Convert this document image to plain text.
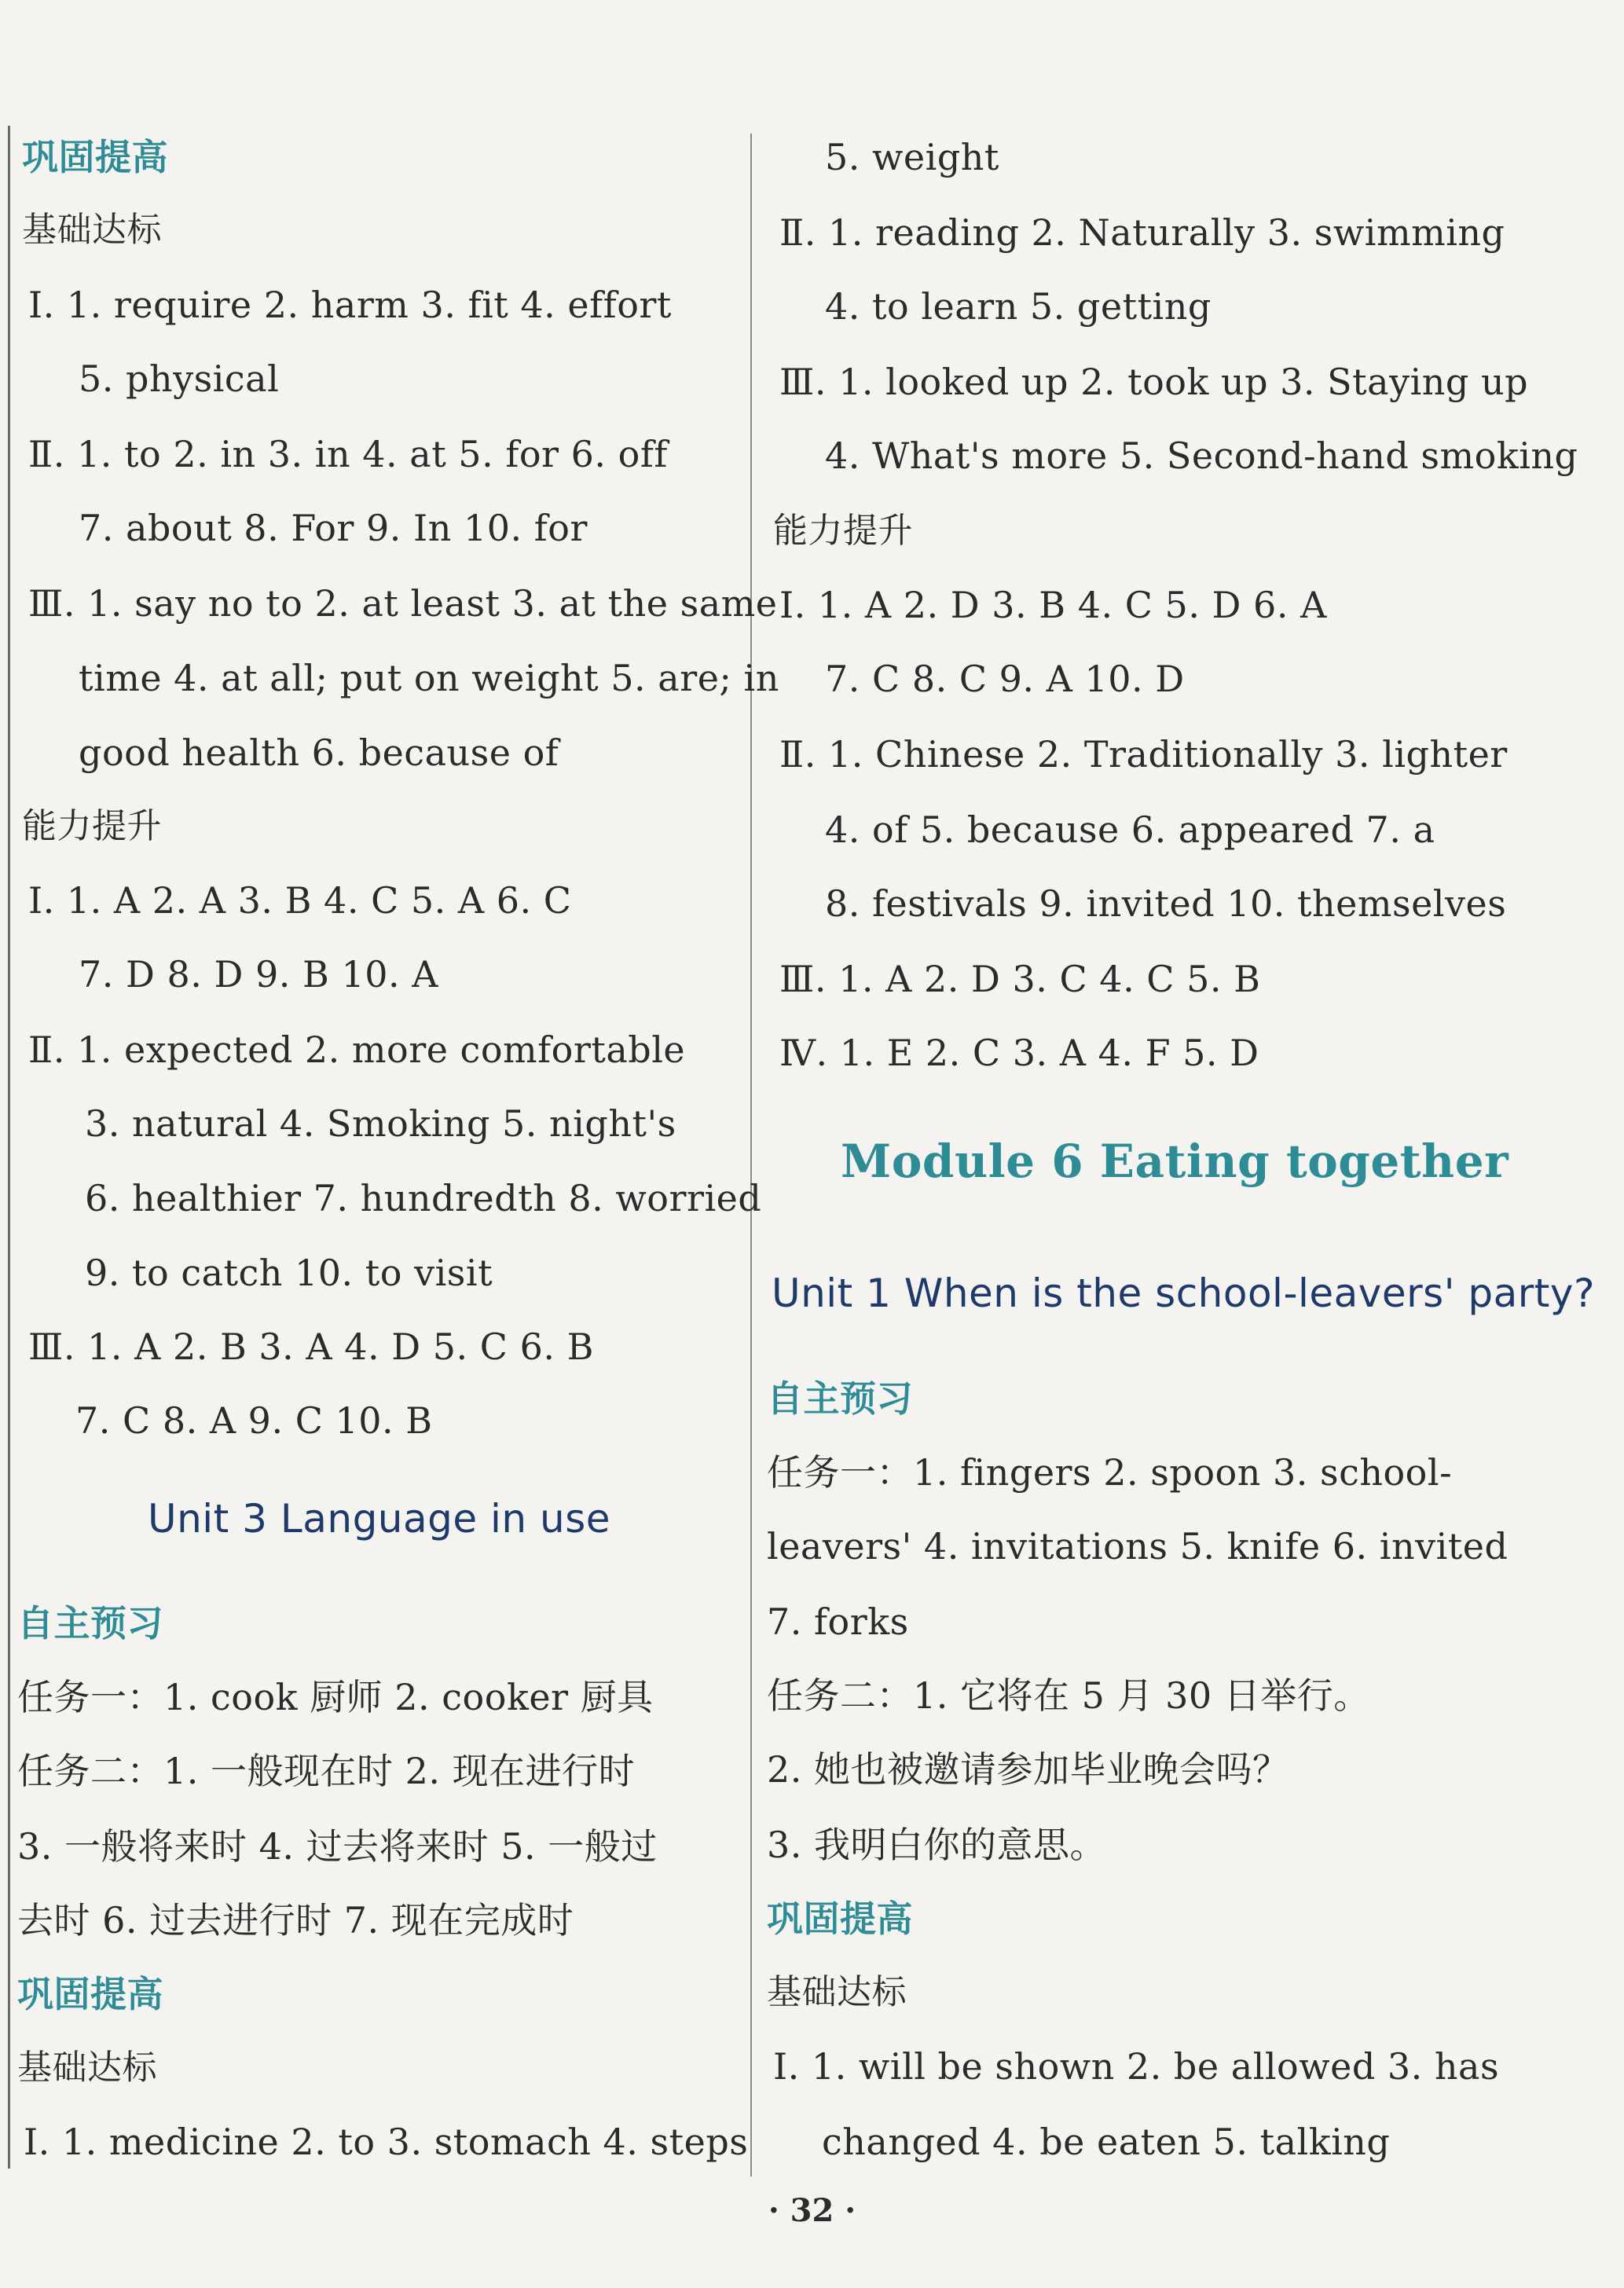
巩固提高
基础达标
Ⅰ. 1. require 2. harm 3. fit 4. effort
5. physical
Ⅱ. 1. to 2. in 3. in 4. at 5. for 6. off
7. about 8. For 9. In 10. for
Ⅲ. 1. say no to 2. at least 3. at the same
time 4. at all; put on weight 5. are; in
good health 6. because of
能力提升
Ⅰ. 1. A 2. A 3. B 4. C 5. A 6. C
7. D 8. D 9. B 10. A
Ⅱ. 1. expected 2. more comfortable
3. natural 4. Smoking 5. night's
6. healthier 7. hundredth 8. worried
9. to catch 10. to visit
Ⅲ. 1. A 2. B 3. A 4. D 5. C 6. B
7. C 8. A 9. C 10. B
Unit 3 Language in use
自主预习
任务一：1. cook 厨师 2. cooker 厨具
任务二：1. 一般现在时 2. 现在进行时
3. 一般将来时 4. 过去将来时 5. 一般过
去时 6. 过去进行时 7. 现在完成时
巩固提高
基础达标
Ⅰ. 1. medicine 2. to 3. stomach 4. steps
5. weight
Ⅱ. 1. reading 2. Naturally 3. swimming
4. to learn 5. getting
Ⅲ. 1. looked up 2. took up 3. Staying up
4. What's more 5. Second-hand smoking
能力提升
Ⅰ. 1. A 2. D 3. B 4. C 5. D 6. A
7. C 8. C 9. A 10. D
Ⅱ. 1. Chinese 2. Traditionally 3. lighter
4. of 5. because 6. appeared 7. a
8. festivals 9. invited 10. themselves
Ⅲ. 1. A 2. D 3. C 4. C 5. B
Ⅳ. 1. E 2. C 3. A 4. F 5. D
Module 6 Eating together
Unit 1 When is the school-leavers' party?
自主预习
任务一：1. fingers 2. spoon 3. school-
leavers' 4. invitations 5. knife 6. invited
7. forks
任务二：1. 它将在 5 月 30 日举行。
2. 她也被邀请参加毕业晚会吗？
3. 我明白你的意思。
巩固提高
基础达标
Ⅰ. 1. will be shown 2. be allowed 3. has
changed 4. be eaten 5. talking
· 32 ·
